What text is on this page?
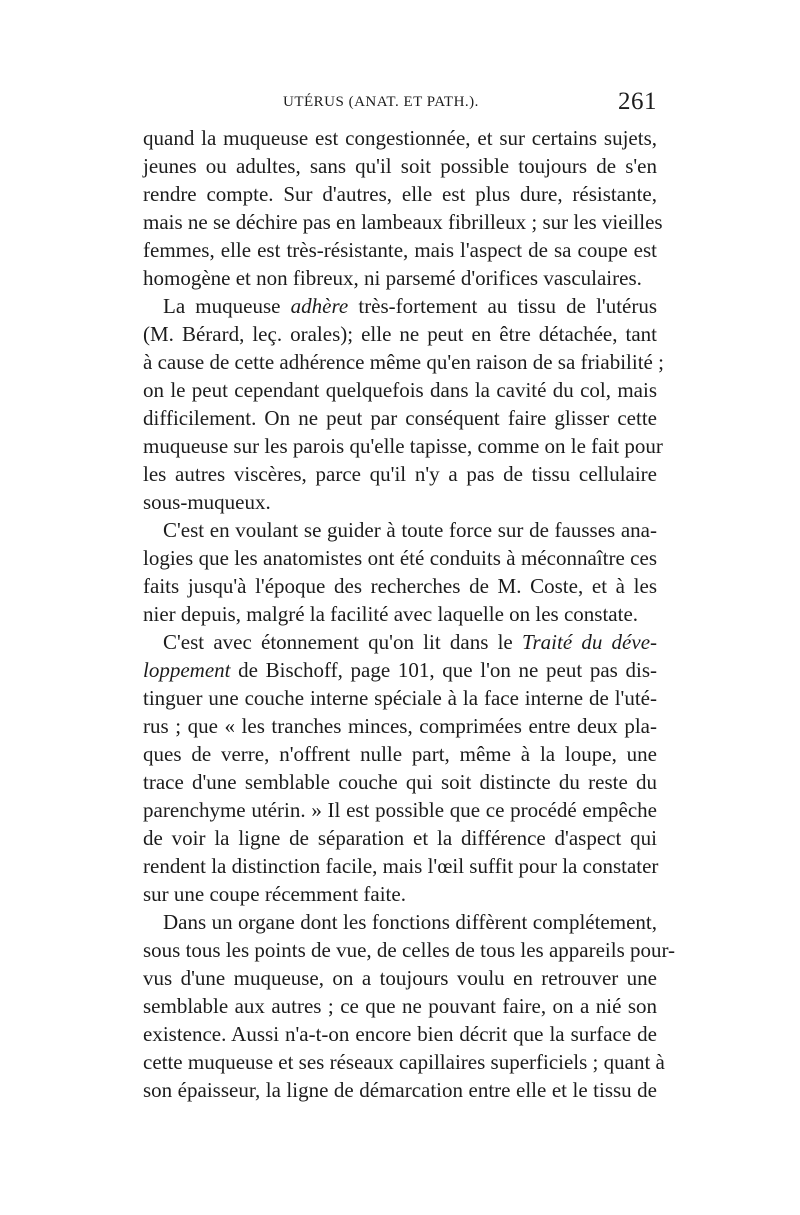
UTÉRUS (ANAT. ET PATH.).	261
quand la muqueuse est congestionnée, et sur certains sujets,
jeunes ou adultes, sans qu'il soit possible toujours de s'en
rendre compte. Sur d'autres, elle est plus dure, résistante,
mais ne se déchire pas en lambeaux fibrilleux ; sur les vieilles
femmes, elle est très-résistante, mais l'aspect de sa coupe est
homogène et non fibreux, ni parsemé d'orifices vasculaires.
La muqueuse adhère très-fortement au tissu de l'utérus
(M. Bérard, leç. orales); elle ne peut en être détachée, tant
à cause de cette adhérence même qu'en raison de sa friabilité ;
on le peut cependant quelquefois dans la cavité du col, mais
difficilement. On ne peut par conséquent faire glisser cette
muqueuse sur les parois qu'elle tapisse, comme on le fait pour
les autres viscères, parce qu'il n'y a pas de tissu cellulaire
sous-muqueux.
C'est en voulant se guider à toute force sur de fausses ana-
logies que les anatomistes ont été conduits à méconnaître ces
faits jusqu'à l'époque des recherches de M. Coste, et à les
nier depuis, malgré la facilité avec laquelle on les constate.
C'est avec étonnement qu'on lit dans le Traité du déve-
loppement de Bischoff, page 101, que l'on ne peut pas dis-
tinguer une couche interne spéciale à la face interne de l'uté-
rus ; que « les tranches minces, comprimées entre deux pla-
ques de verre, n'offrent nulle part, même à la loupe, une
trace d'une semblable couche qui soit distincte du reste du
parenchyme utérin. » Il est possible que ce procédé empêche
de voir la ligne de séparation et la différence d'aspect qui
rendent la distinction facile, mais l'œil suffit pour la constater
sur une coupe récemment faite.
Dans un organe dont les fonctions diffèrent complétement,
sous tous les points de vue, de celles de tous les appareils pour-
vus d'une muqueuse, on a toujours voulu en retrouver une
semblable aux autres ; ce que ne pouvant faire, on a nié son
existence. Aussi n'a-t-on encore bien décrit que la surface de
cette muqueuse et ses réseaux capillaires superficiels ; quant à
son épaisseur, la ligne de démarcation entre elle et le tissu de
